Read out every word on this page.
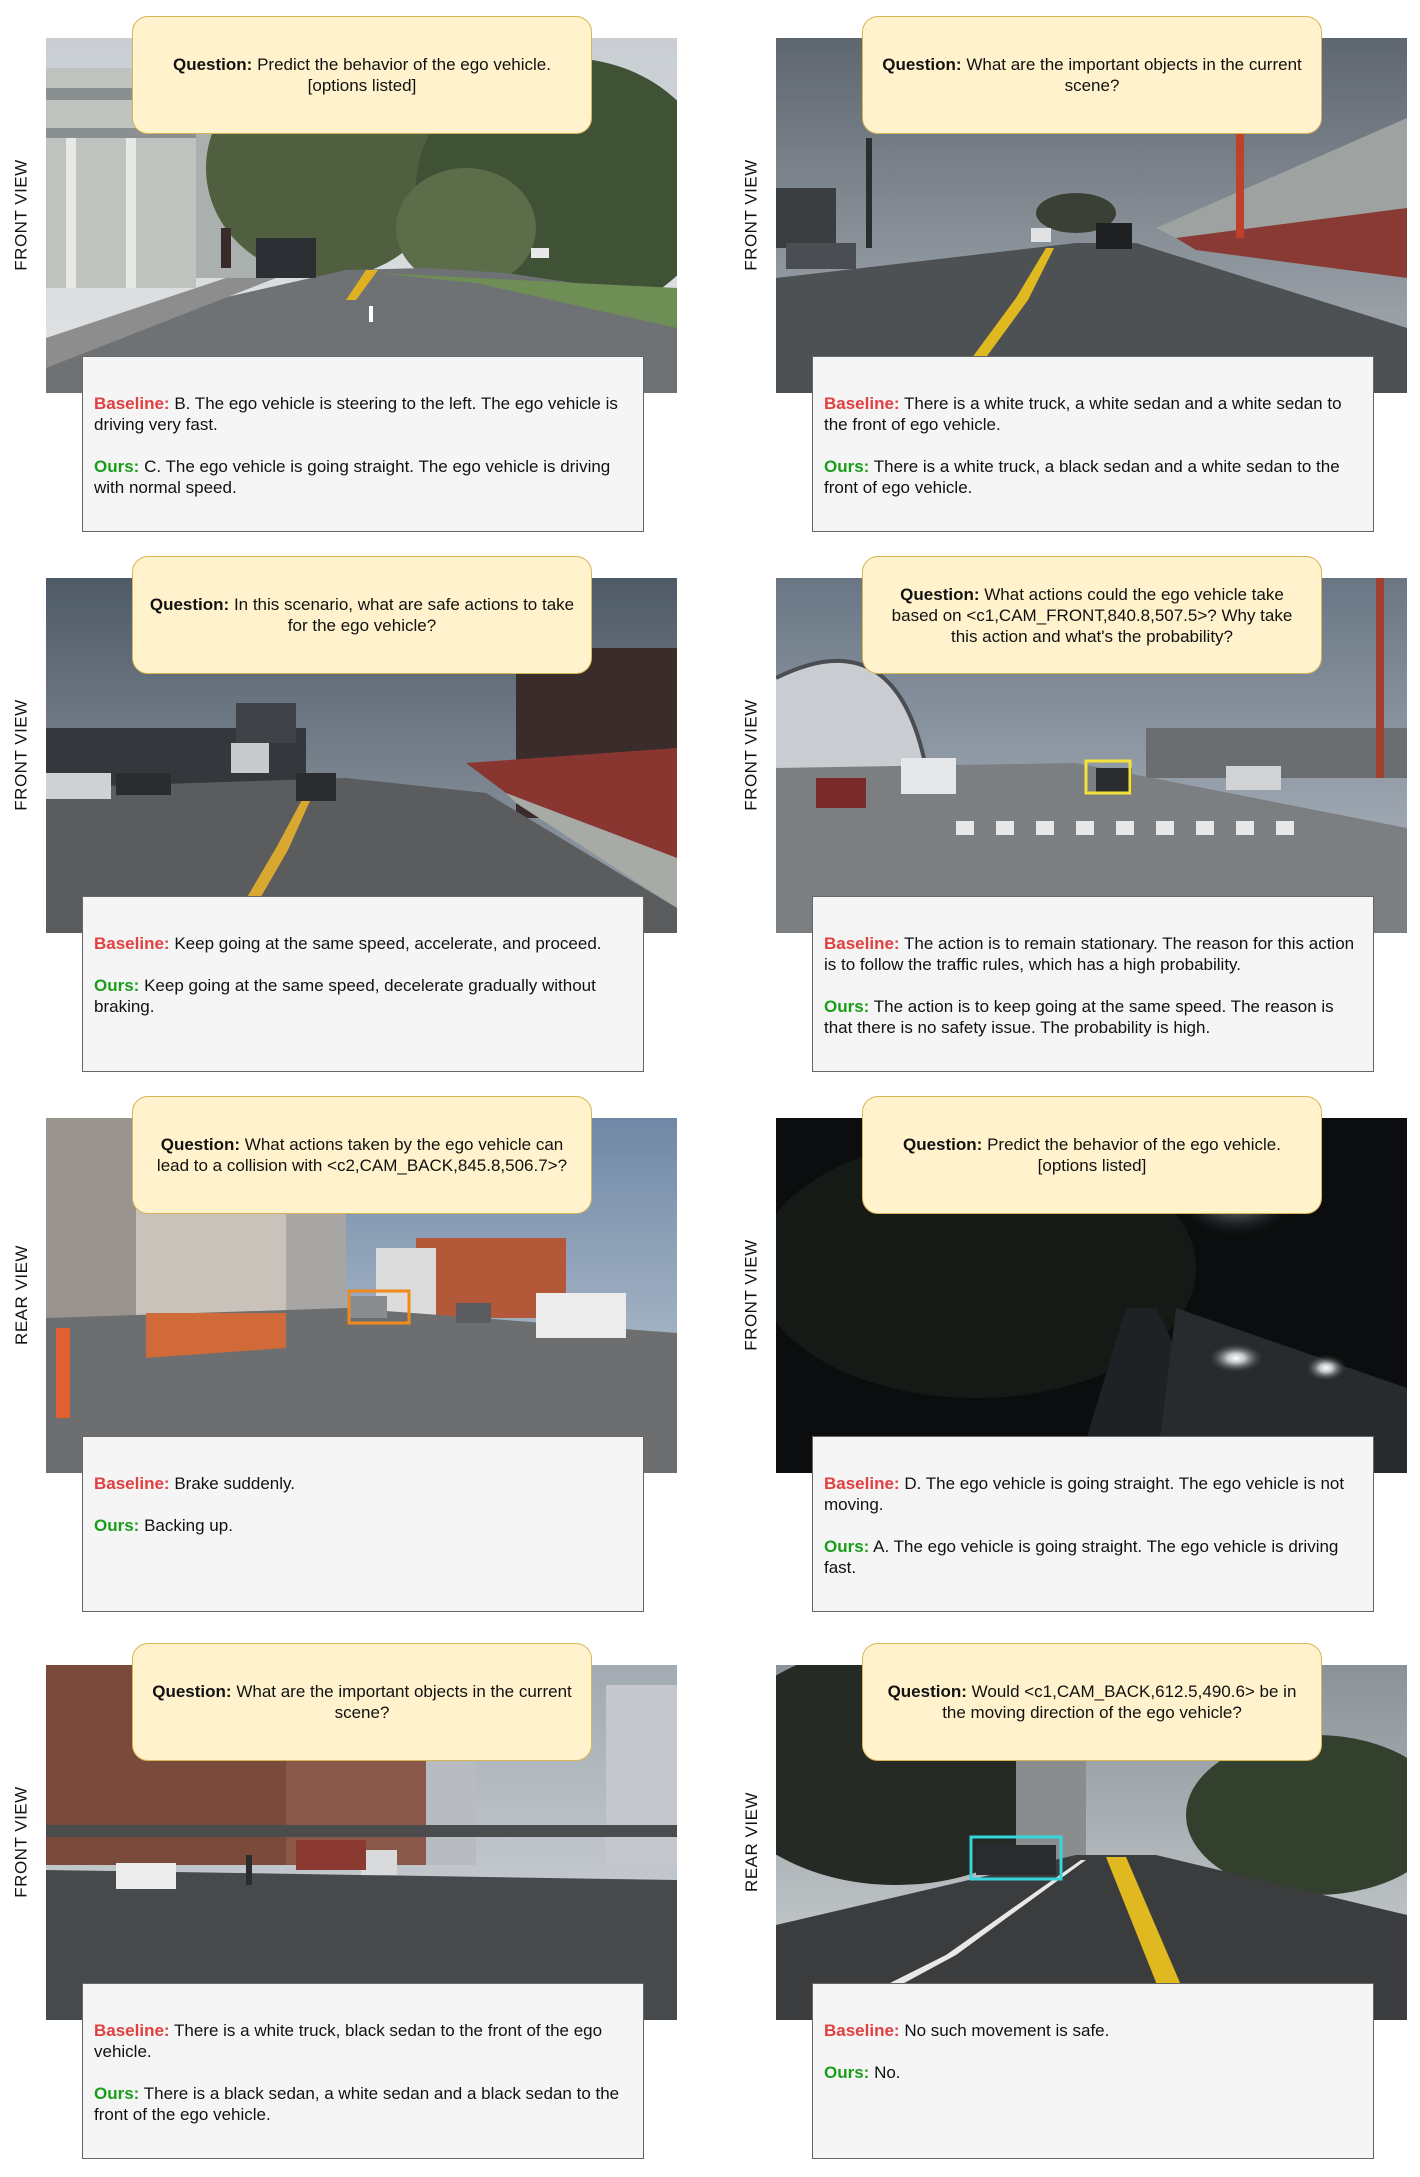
FRONT VIEW
Question: Predict the behavior of the ego vehicle. [options listed]

Baseline: B. The ego vehicle is steering to the left. The ego vehicle is driving very fast.

Ours: C. The ego vehicle is going straight. The ego vehicle is driving with normal speed.

FRONT VIEW
Question: What are the important objects in the current scene?

Baseline: There is a white truck, a white sedan and a white sedan to the front of ego vehicle.

Ours: There is a white truck, a black sedan and a white sedan to the front of ego vehicle.

FRONT VIEW
Question: In this scenario, what are safe actions to take for the ego vehicle?

Baseline: Keep going at the same speed, accelerate, and proceed.

Ours: Keep going at the same speed, decelerate gradually without braking.

FRONT VIEW
Question: What actions could the ego vehicle take based on <c1,CAM_FRONT,840.8,507.5>? Why take this action and what's the probability?

Baseline: The action is to remain stationary. The reason for this action is to follow the traffic rules, which has a high probability.

Ours: The action is to keep going at the same speed. The reason is that there is no safety issue. The probability is high.

REAR VIEW
Question: What actions taken by the ego vehicle can lead to a collision with <c2,CAM_BACK,845.8,506.7>?

Baseline: Brake suddenly.

Ours: Backing up.

FRONT VIEW
Question: Predict the behavior of the ego vehicle. [options listed]

Baseline: D. The ego vehicle is going straight. The ego vehicle is not moving.

Ours: A. The ego vehicle is going straight. The ego vehicle is driving fast.

FRONT VIEW
Question: What are the important objects in the current scene?

Baseline: There is a white truck, black sedan to the front of the ego vehicle.

Ours: There is a black sedan, a white sedan and a black sedan to the front of the ego vehicle.

REAR VIEW
Question: Would <c1,CAM_BACK,612.5,490.6> be in the moving direction of the ego vehicle?

Baseline: No such movement is safe.

Ours: No.
